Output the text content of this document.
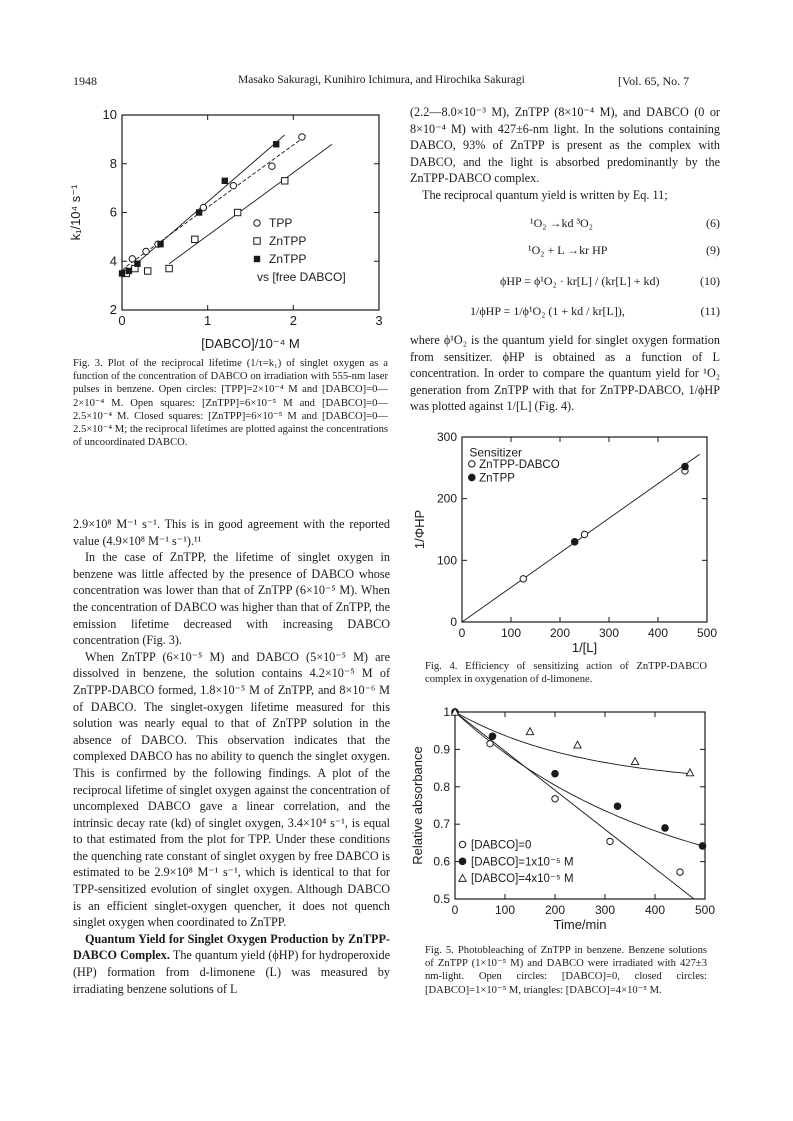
1948	Masako Sakuragi, Kunihiro Ichimura, and Hirochika Sakuragi	[Vol. 65, No. 7
0	1	2	3
2
4
6
8
10
[DABCO]/10⁻⁴ M
k₁/10⁴ s⁻¹	TPP
ZnTPP
ZnTPP
vs [free DABCO]
Fig. 3. Plot of the reciprocal lifetime (1/τ=k₁) of singlet oxygen as a function of the concentration of DABCO on irradiation with 555-nm laser pulses in benzene. Open circles: [TPP]=2×10⁻⁴ M and [DABCO]=0—2×10⁻⁴ M. Open squares: [ZnTPP]=6×10⁻⁵ M and [DABCO]=0—2.5×10⁻⁴ M. Closed squares: [ZnTPP]=6×10⁻⁵ M and [DABCO]=0—2.5×10⁻⁴ M; the reciprocal lifetimes are plotted against the concentrations of uncoordinated DABCO.

2.9×10⁸ M⁻¹ s⁻¹. This is in good agreement with the reported value (4.9×10⁸ M⁻¹ s⁻¹).¹¹

In the case of ZnTPP, the lifetime of singlet oxygen in benzene was little affected by the presence of DABCO whose concentration was lower than that of ZnTPP (6×10⁻⁵ M). When the concentration of DABCO was higher than that of ZnTPP, the emission lifetime decreased with increasing DABCO concentration (Fig. 3).

When ZnTPP (6×10⁻⁵ M) and DABCO (5×10⁻⁵ M) are dissolved in benzene, the solution contains 4.2×10⁻⁵ M of ZnTPP-DABCO formed, 1.8×10⁻⁵ M of ZnTPP, and 8×10⁻⁶ M of DABCO. The singlet-oxygen lifetime measured for this solution was nearly equal to that of ZnTPP solution in the absence of DABCO. This observation indicates that the complexed DABCO has no ability to quench the singlet oxygen. This is confirmed by the following findings. A plot of the reciprocal lifetime of singlet oxygen against the concentration of uncomplexed DABCO gave a linear correlation, and the intrinsic decay rate (kd) of singlet oxygen, 3.4×10⁴ s⁻¹, is equal to that estimated from the plot for TPP. Under these conditions the quenching rate constant of singlet oxygen by free DABCO is estimated to be 2.9×10⁸ M⁻¹ s⁻¹, which is identical to that for TPP-sensitized evolution of singlet oxygen. Although DABCO is an efficient singlet-oxygen quencher, it does not quench singlet oxygen when coordinated to ZnTPP.

Quantum Yield for Singlet Oxygen Production by ZnTPP-DABCO Complex. The quantum yield (ϕHP) for hydroperoxide (HP) formation from d-limonene (L) was measured by irradiating benzene solutions of L

(2.2—8.0×10⁻³ M), ZnTPP (8×10⁻⁴ M), and DABCO (0 or 8×10⁻⁴ M) with 427±6-nm light. In the solutions containing DABCO, 93% of ZnTPP is present as the complex with DABCO, and the light is absorbed predominantly by the ZnTPP-DABCO complex.

The reciprocal quantum yield is written by Eq. 11;

¹O₂ →kd ³O₂	(6)
¹O₂ + L →kr HP	(9)
ϕHP = ϕ¹O₂ · kr[L] / (kr[L] + kd)	(10)
1/ϕHP = 1/ϕ¹O₂ (1 + kd / kr[L]),	(11)

where ϕ¹O₂ is the quantum yield for singlet oxygen formation from sensitizer. ϕHP is obtained as a function of L concentration. In order to compare the quantum yield for ¹O₂ generation from ZnTPP with that for ZnTPP-DABCO, 1/ϕHP was plotted against 1/[L] (Fig. 4).

0	100 200 300 400 500
0
100
200
300
1/[L]
1/ΦHP
Sensitizer
ZnTPP-DABCO
ZnTPP
Fig. 4. Efficiency of sensitizing action of ZnTPP-DABCO complex in oxygenation of d-limonene.
0	100 200 300 400 500
0.5
0.6
0.7
0.8
0.9
1
Time/min
Relative absorbance	[DABCO]=0
[DABCO]=1x10⁻⁵ M
[DABCO]=4x10⁻⁵ M
Fig. 5. Photobleaching of ZnTPP in benzene. Benzene solutions of ZnTPP (1×10⁻⁵ M) and DABCO were irradiated with 427±3 nm-light. Open circles: [DABCO]=0, closed circles: [DABCO]=1×10⁻⁵ M, triangles: [DABCO]=4×10⁻⁵ M.
